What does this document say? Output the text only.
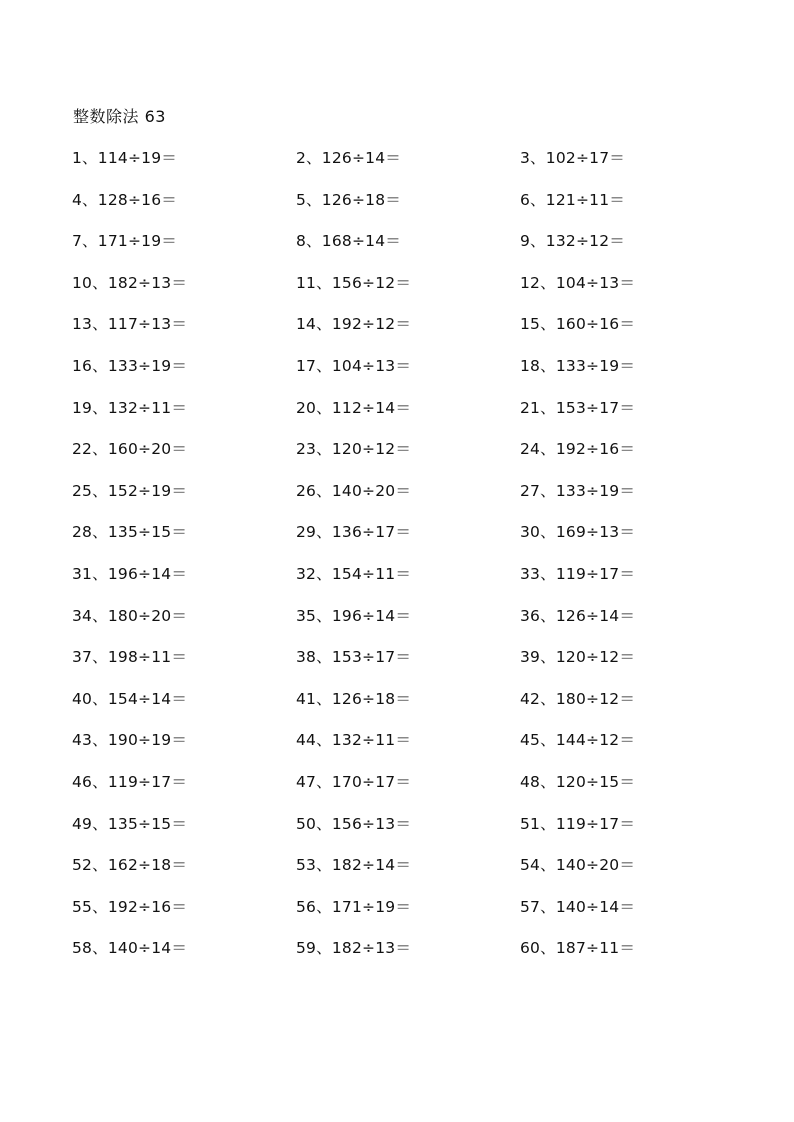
整数除法 63
1、114÷19＝	2、126÷14＝	3、102÷17＝
4、128÷16＝	5、126÷18＝	6、121÷11＝
7、171÷19＝	8、168÷14＝	9、132÷12＝
10、182÷13＝	11、156÷12＝	12、104÷13＝
13、117÷13＝	14、192÷12＝	15、160÷16＝
16、133÷19＝	17、104÷13＝	18、133÷19＝
19、132÷11＝	20、112÷14＝	21、153÷17＝
22、160÷20＝	23、120÷12＝	24、192÷16＝
25、152÷19＝	26、140÷20＝	27、133÷19＝
28、135÷15＝	29、136÷17＝	30、169÷13＝
31、196÷14＝	32、154÷11＝	33、119÷17＝
34、180÷20＝	35、196÷14＝	36、126÷14＝
37、198÷11＝	38、153÷17＝	39、120÷12＝
40、154÷14＝	41、126÷18＝	42、180÷12＝
43、190÷19＝	44、132÷11＝	45、144÷12＝
46、119÷17＝	47、170÷17＝	48、120÷15＝
49、135÷15＝	50、156÷13＝	51、119÷17＝
52、162÷18＝	53、182÷14＝	54、140÷20＝
55、192÷16＝	56、171÷19＝	57、140÷14＝
58、140÷14＝	59、182÷13＝	60、187÷11＝
